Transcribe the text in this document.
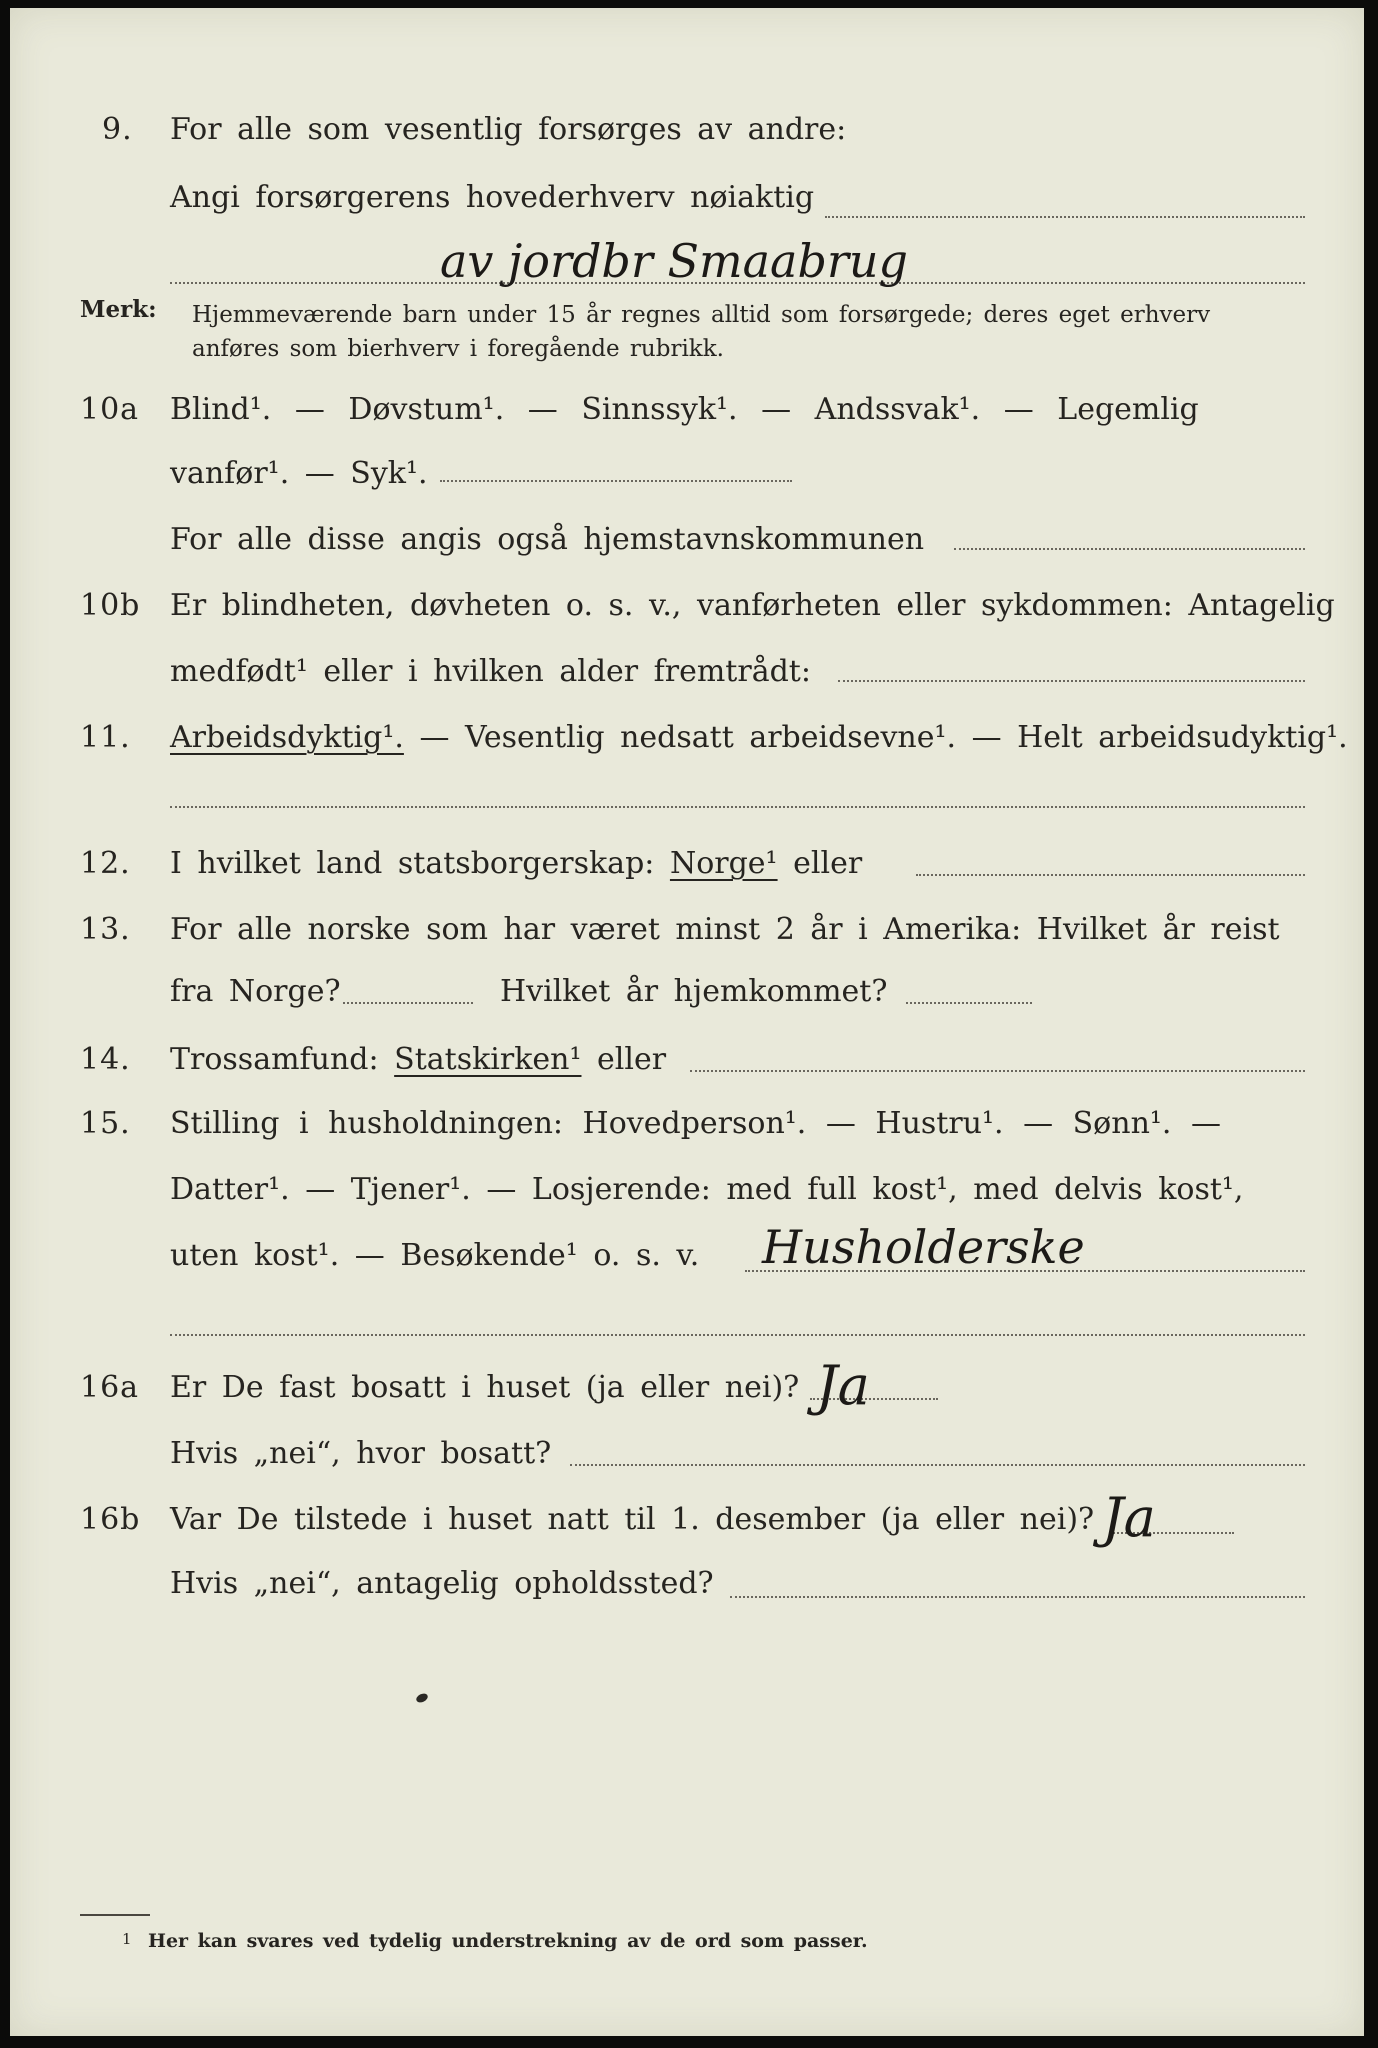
9. For alle som vesentlig forsørges av andre:
Angi forsørgerens hovederhverv nøiaktig
av jordbr Smaabrug
Merk: Hjemmeværende barn under 15 år regnes alltid som forsørgede; deres eget erhverv
anføres som bierhverv i foregående rubrikk.
10a Blind¹. — Døvstum¹. — Sinnssyk¹. — Andssvak¹. — Legemlig
vanfør¹. — Syk¹.
For alle disse angis også hjemstavnskommunen
10b Er blindheten, døvheten o. s. v., vanførheten eller sykdommen: Antagelig
medfødt¹ eller i hvilken alder fremtrådt:
11. Arbeidsdyktig¹. — Vesentlig nedsatt arbeidsevne¹. — Helt arbeidsudyktig¹.
12. I hvilket land statsborgerskap: Norge¹ eller
13. For alle norske som har været minst 2 år i Amerika: Hvilket år reist
fra Norge?	Hvilket år hjemkommet?
14. Trossamfund: Statskirken¹ eller
15. Stilling i husholdningen: Hovedperson¹. — Hustru¹. — Sønn¹. —
Datter¹. — Tjener¹. — Losjerende: med full kost¹, med delvis kost¹,
uten kost¹. — Besøkende¹ o. s. v. Husholderske
16a Er De fast bosatt i huset (ja eller nei)? Ja
Hvis „nei“, hvor bosatt?
16b Var De tilstede i huset natt til 1. desember (ja eller nei)? Ja
Hvis „nei“, antagelig opholdssted?
1 Her kan svares ved tydelig understrekning av de ord som passer.
